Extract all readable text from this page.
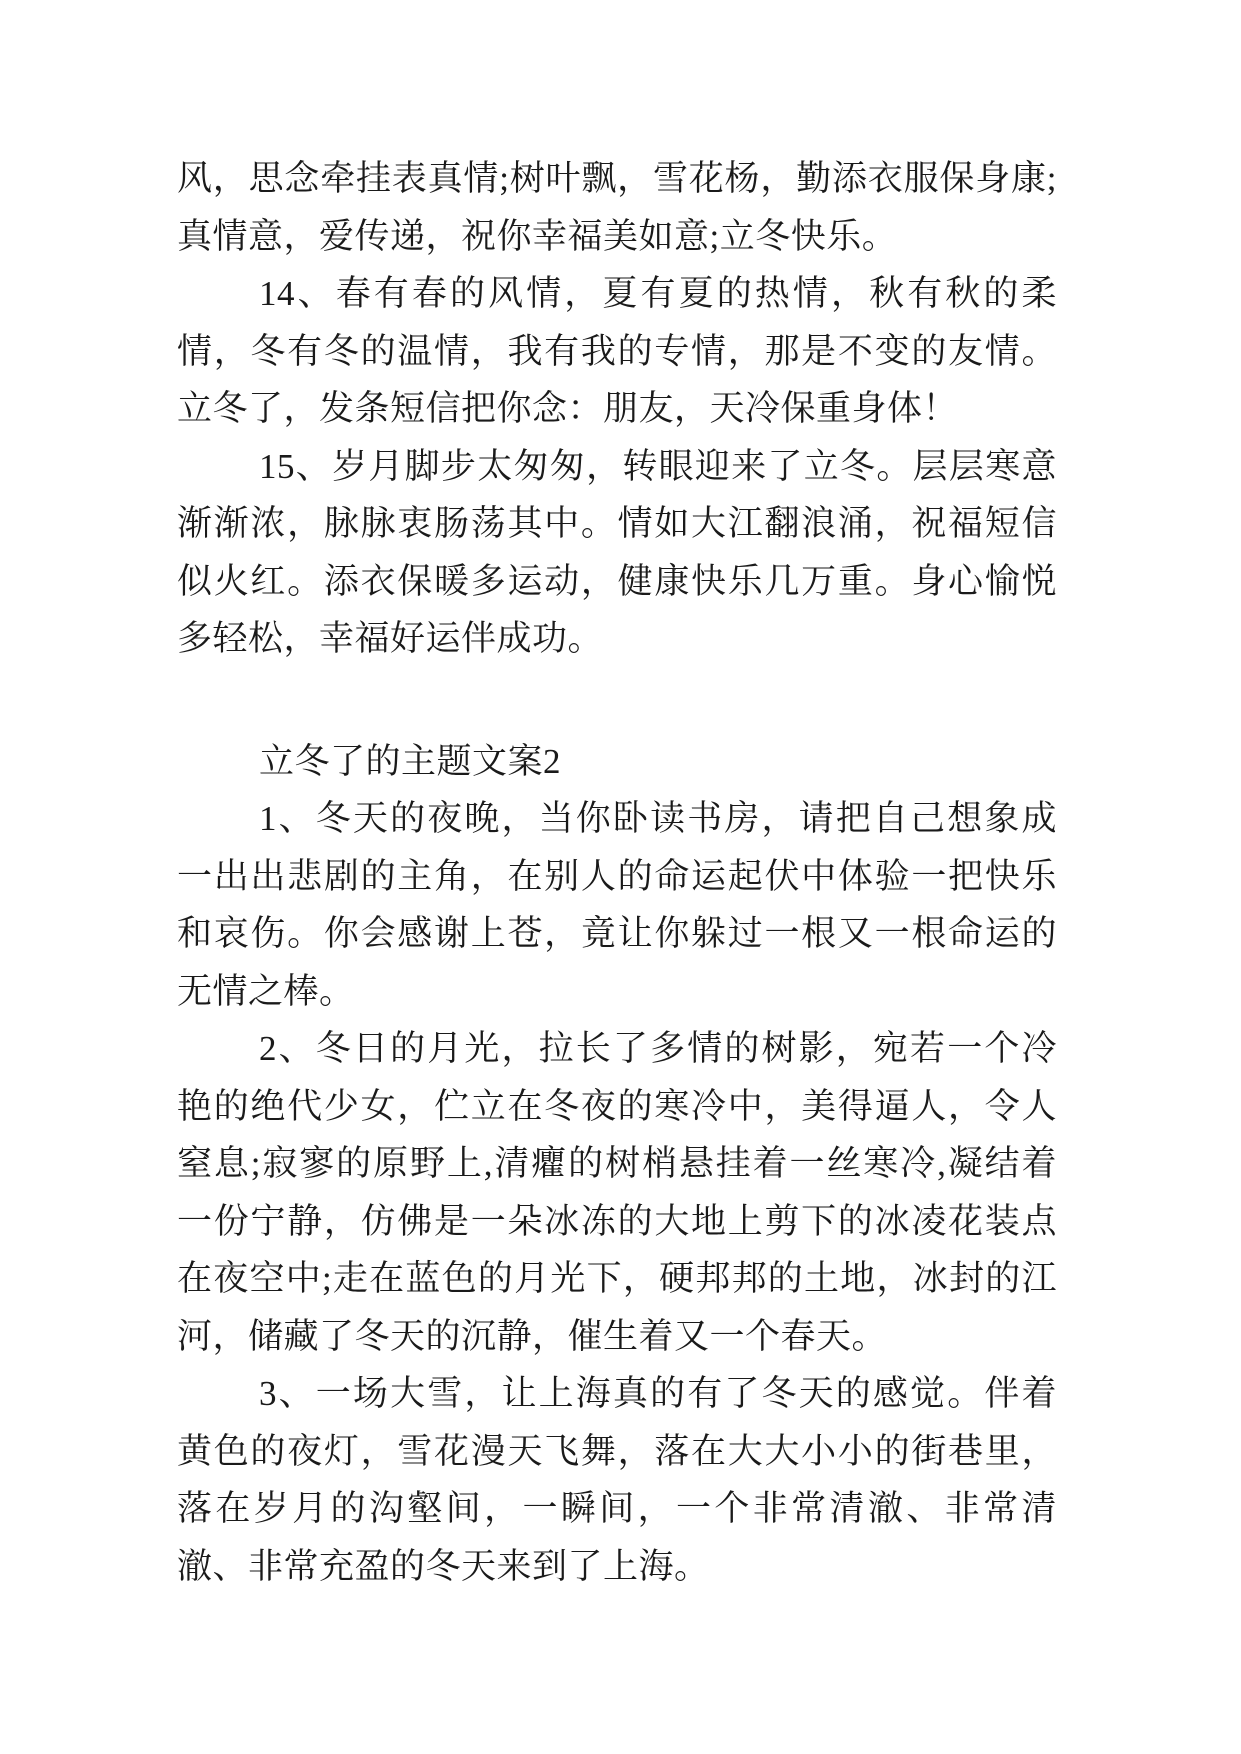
风，思念牵挂表真情;树叶飘，雪花杨，勤添衣服保身康;真情意，爱传递，祝你幸福美如意;立冬快乐。

14、春有春的风情，夏有夏的热情，秋有秋的柔情，冬有冬的温情，我有我的专情，那是不变的友情。立冬了，发条短信把你念：朋友，天冷保重身体！

15、岁月脚步太匆匆，转眼迎来了立冬。层层寒意渐渐浓，脉脉衷肠荡其中。情如大江翻浪涌，祝福短信似火红。添衣保暖多运动，健康快乐几万重。身心愉悦多轻松，幸福好运伴成功。

立冬了的主题文案2

1、冬天的夜晚，当你卧读书房，请把自己想象成一出出悲剧的主角，在别人的命运起伏中体验一把快乐和哀伤。你会感谢上苍，竟让你躲过一根又一根命运的无情之棒。

2、冬日的月光，拉长了多情的树影，宛若一个冷艳的绝代少女，伫立在冬夜的寒冷中，美得逼人，令人窒息;寂寥的原野上,清癯的树梢悬挂着一丝寒冷,凝结着一份宁静，仿佛是一朵冰冻的大地上剪下的冰凌花装点在夜空中;走在蓝色的月光下，硬邦邦的土地，冰封的江河，储藏了冬天的沉静，催生着又一个春天。

3、一场大雪，让上海真的有了冬天的感觉。伴着黄色的夜灯，雪花漫天飞舞，落在大大小小的街巷里，落在岁月的沟壑间，一瞬间，一个非常清澈、非常清澈、非常充盈的冬天来到了上海。
